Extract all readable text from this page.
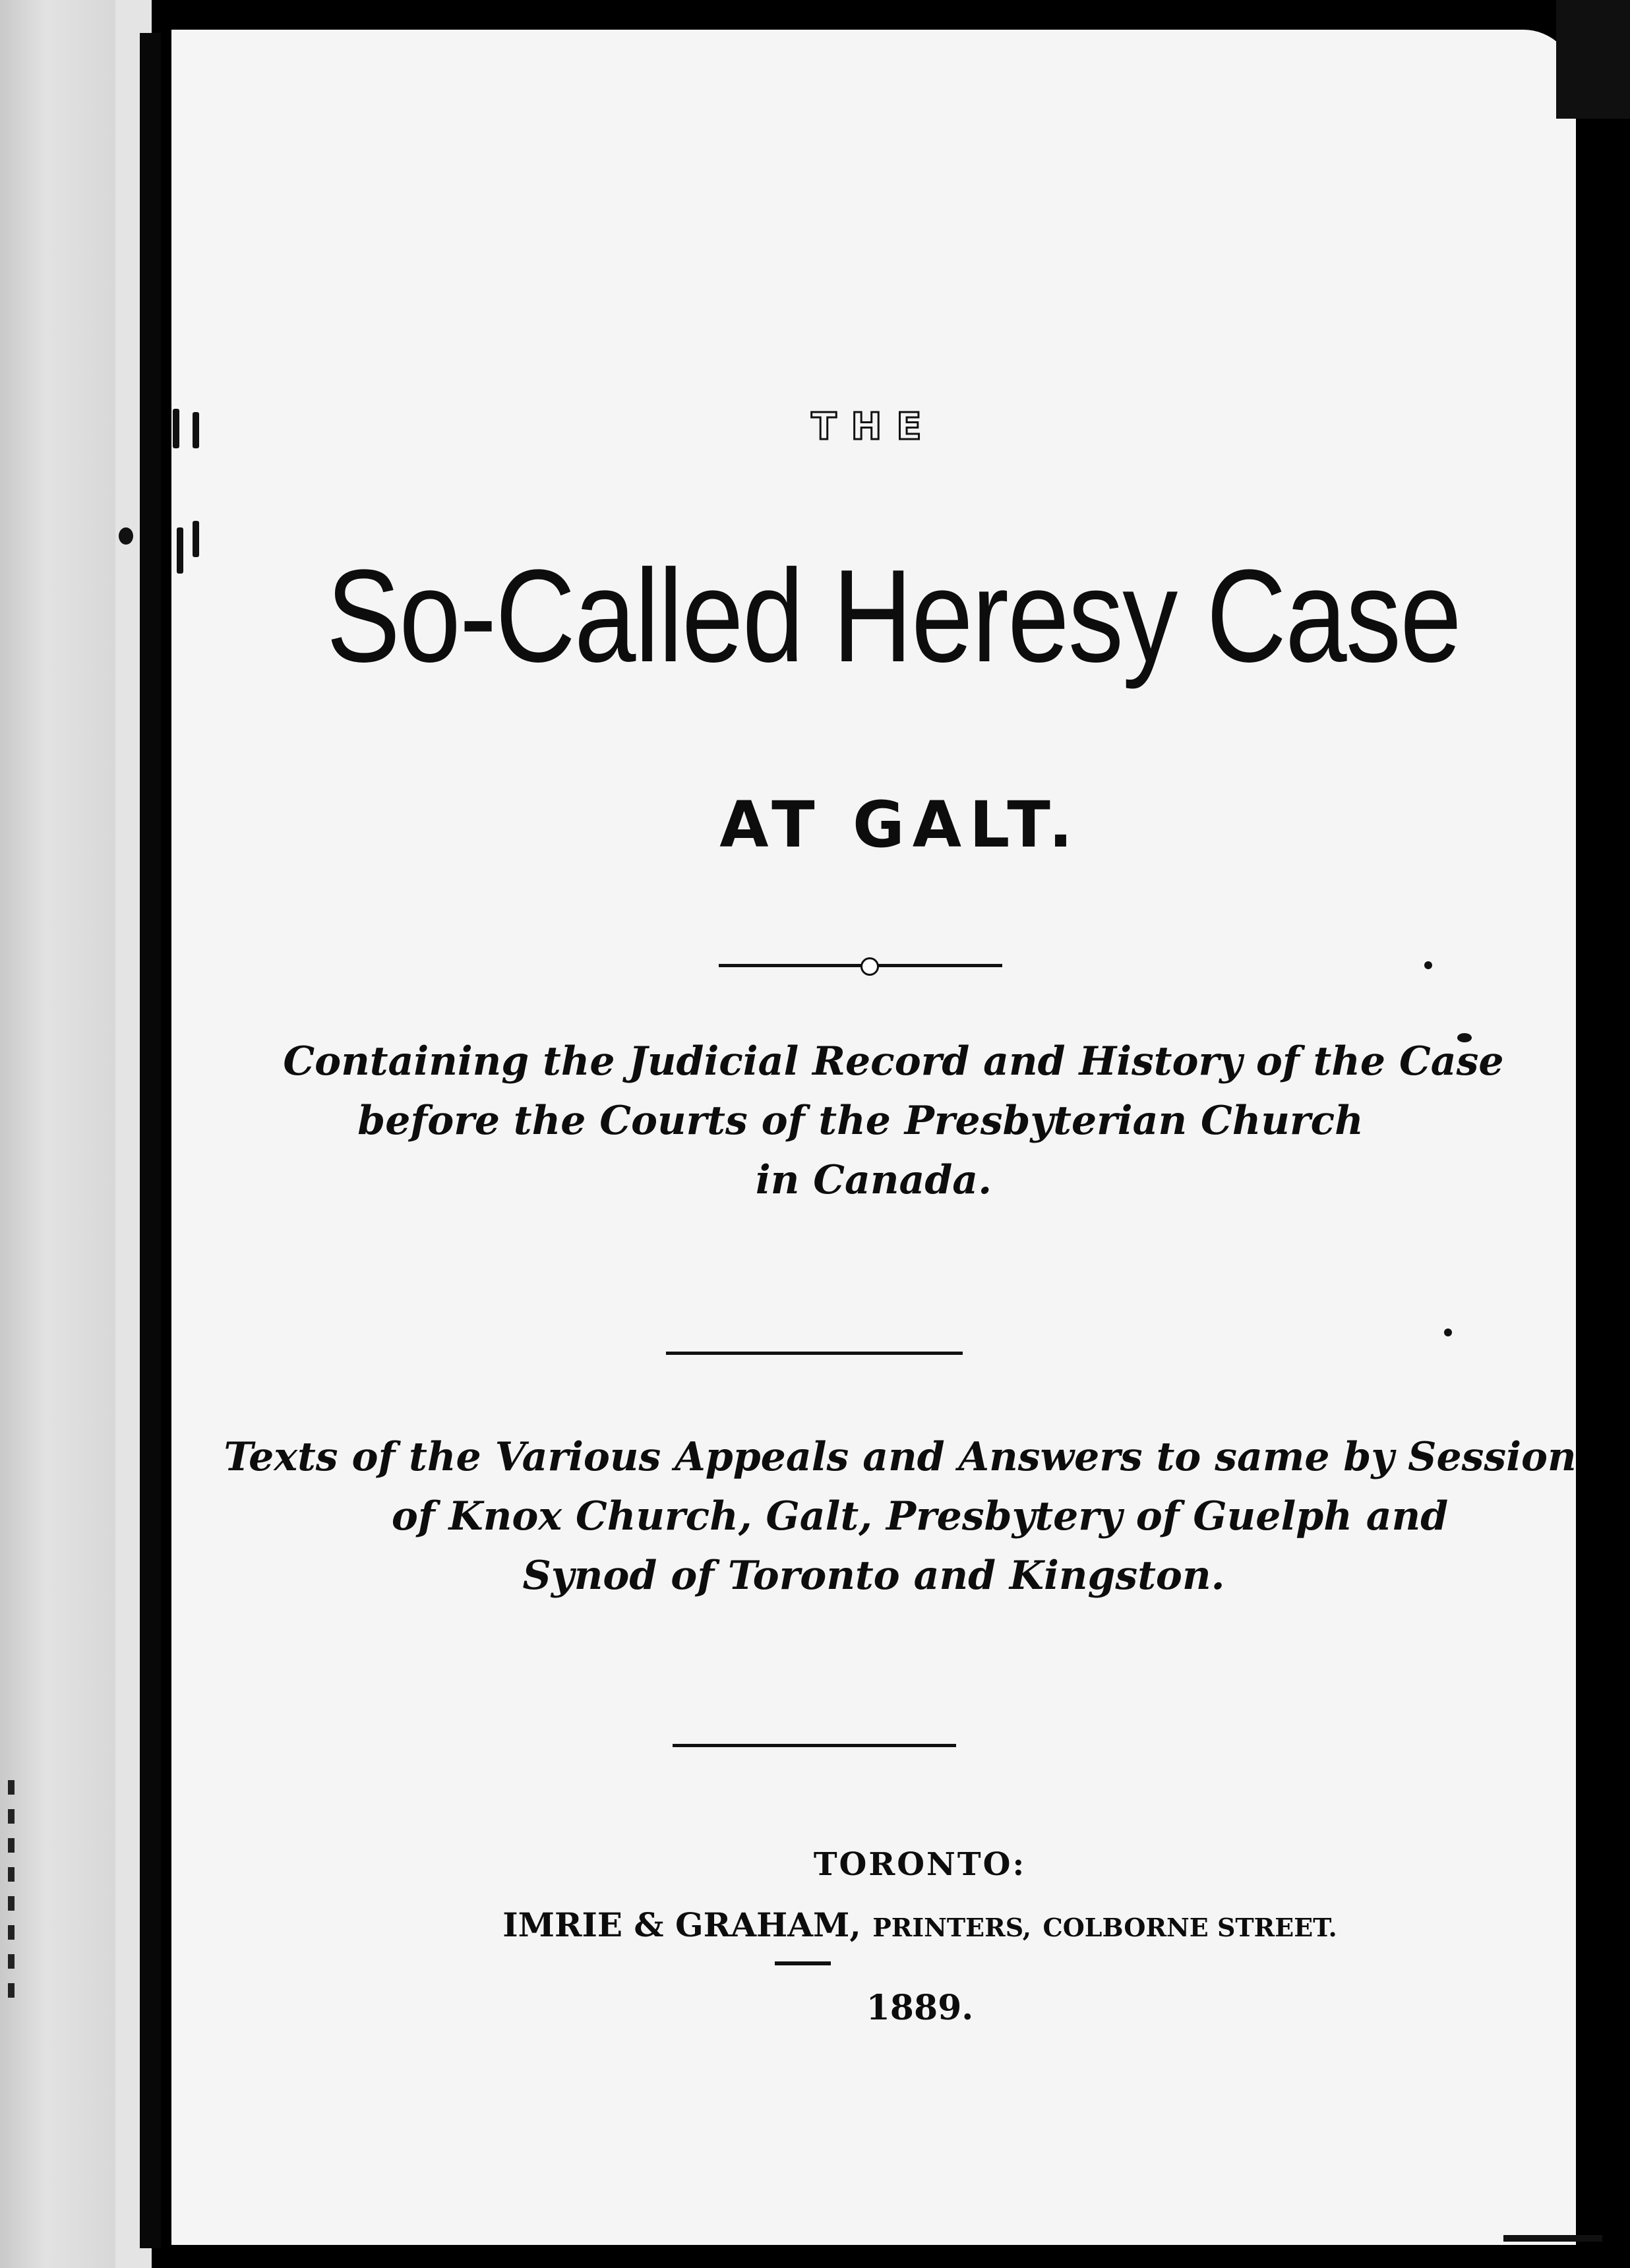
THE
So-Called Heresy Case
AT GALT.
Containing the Judicial Record and History of the Case
before the Courts of the Presbyterian Church
in Canada.
Texts of the Various Appeals and Answers to same by Session
of Knox Church, Galt, Presbytery of Guelph and
Synod of Toronto and Kingston.
TORONTO:
IMRIE & GRAHAM, PRINTERS, COLBORNE STREET.
1889.
